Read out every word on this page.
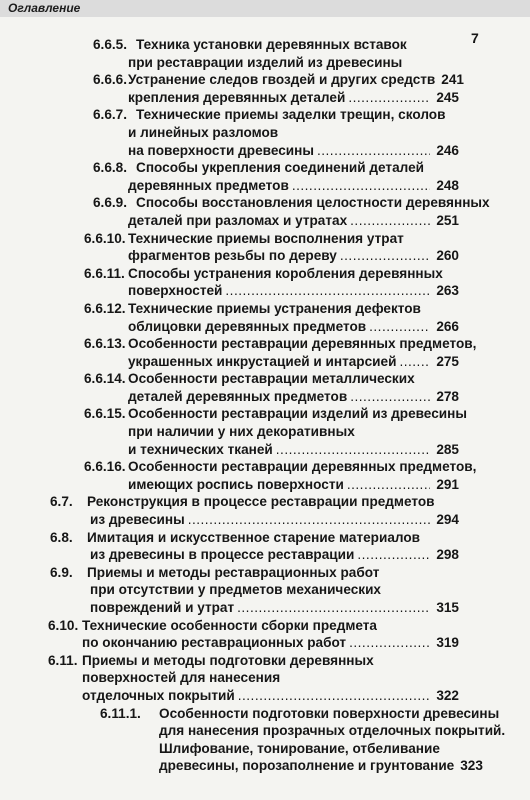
Оглавление
7
6.6.5. Техника установки деревянных вставок
при реставрации изделий из древесины
6.6.6. Устранение следов гвоздей и других средств 241
крепления деревянных деталей .....	245
6.6.7. Технические приемы заделки трещин, сколов
и линейных разломов
на поверхности древесины .....	246
6.6.8. Способы укрепления соединений деталей
деревянных предметов .....	248
6.6.9. Способы восстановления целостности деревянных
деталей при разломах и утратах .....	251
6.6.10. Технические приемы восполнения утрат
фрагментов резьбы по дереву .....	260
6.6.11. Способы устранения коробления деревянных
поверхностей .....	263
6.6.12. Технические приемы устранения дефектов
облицовки деревянных предметов .....	266
6.6.13. Особенности реставрации деревянных предметов,
украшенных инкрустацией и интарсией .....	275
6.6.14. Особенности реставрации металлических
деталей деревянных предметов .....	278
6.6.15. Особенности реставрации изделий из древесины
при наличии у них декоративных
и технических тканей .....	285
6.6.16. Особенности реставрации деревянных предметов,
имеющих роспись поверхности .....	291
6.7. Реконструкция в процессе реставрации предметов
из древесины .....	294
6.8. Имитация и искусственное старение материалов
из древесины в процессе реставрации .....	298
6.9. Приемы и методы реставрационных работ
при отсутствии у предметов механических
повреждений и утрат .....	315
6.10. Технические особенности сборки предмета
по окончанию реставрационных работ .....	319
6.11. Приемы и методы подготовки деревянных
поверхностей для нанесения
отделочных покрытий .....	322
6.11.1. Особенности подготовки поверхности древесины
для нанесения прозрачных отделочных покрытий.
Шлифование, тонирование, отбеливание
древесины, порозаполнение и грунтование 323
